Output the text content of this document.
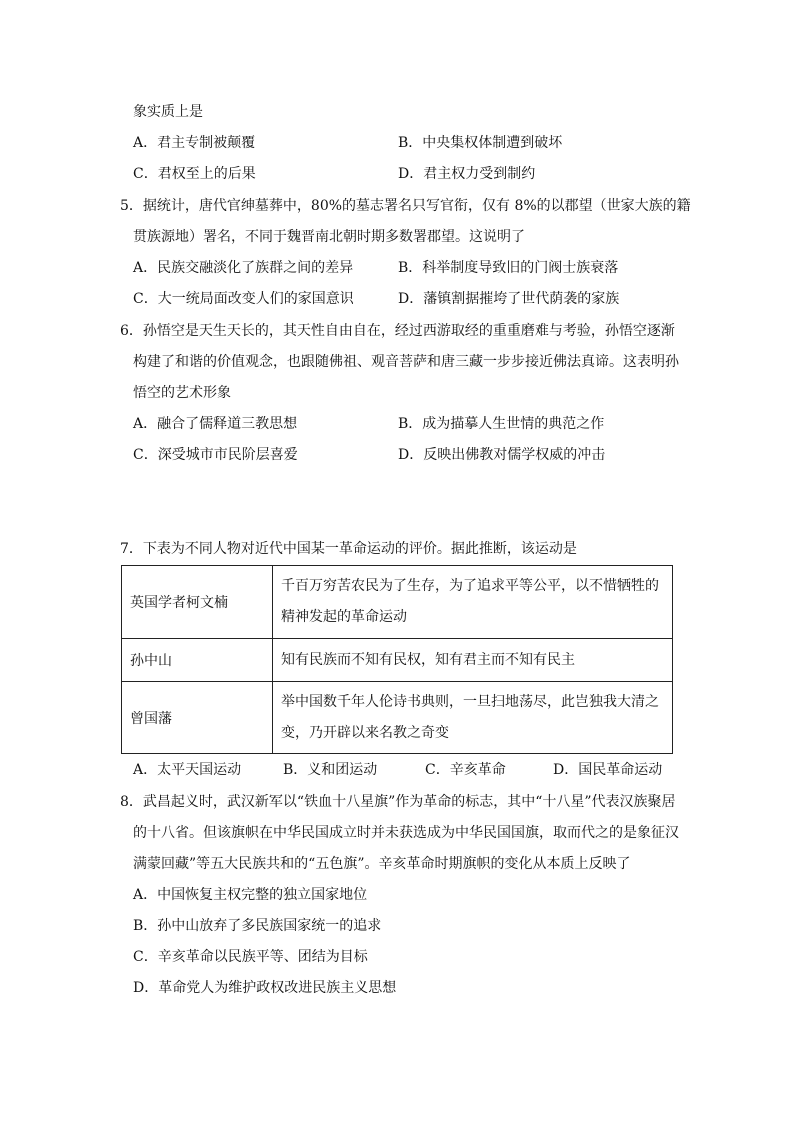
象实质上是
A．君主专制被颠覆	B．中央集权体制遭到破坏
C．君权至上的后果	D．君主权力受到制约
5．据统计，唐代官绅墓葬中，80%的墓志署名只写官衔，仅有 8%的以郡望（世家大族的籍
贯族源地）署名，不同于魏晋南北朝时期多数署郡望。这说明了
A．民族交融淡化了族群之间的差异	B．科举制度导致旧的门阀士族衰落
C．大一统局面改变人们的家国意识	D．藩镇割据摧垮了世代荫袭的家族
6．孙悟空是天生天长的，其天性自由自在，经过西游取经的重重磨难与考验，孙悟空逐渐
构建了和谐的价值观念，也跟随佛祖、观音菩萨和唐三藏一步步接近佛法真谛。这表明孙
悟空的艺术形象
A．融合了儒释道三教思想	B．成为描摹人生世情的典范之作
C．深受城市市民阶层喜爱	D．反映出佛教对儒学权威的冲击
7．下表为不同人物对近代中国某一革命运动的评价。据此推断，该运动是
英国学者柯文楠	千百万穷苦农民为了生存，为了追求平等公平，以不惜牺牲的
精神发起的革命运动

孙中山	知有民族而不知有民权，知有君主而不知有民主

曾国藩	举中国数千年人伦诗书典则，一旦扫地荡尽，此岂独我大清之
变，乃开辟以来名教之奇变
A．太平天国运动	B．义和团运动	C．辛亥革命	D．国民革命运动
8．武昌起义时，武汉新军以“铁血十八星旗”作为革命的标志，其中“十八星”代表汉族聚居
的十八省。但该旗帜在中华民国成立时并未获选成为中华民国国旗，取而代之的是象征汉
满蒙回藏”等五大民族共和的“五色旗”。辛亥革命时期旗帜的变化从本质上反映了
A．中国恢复主权完整的独立国家地位
B．孙中山放弃了多民族国家统一的追求
C．辛亥革命以民族平等、团结为目标
D．革命党人为维护政权改进民族主义思想
